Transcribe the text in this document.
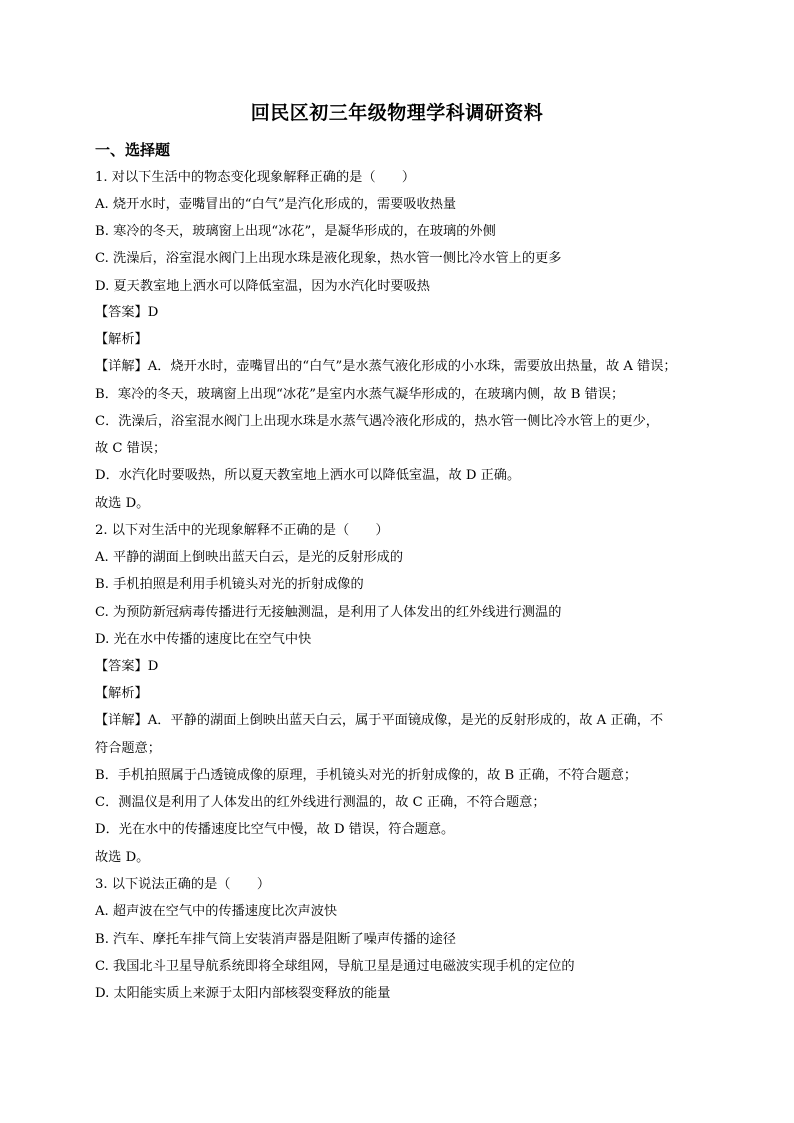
回民区初三年级物理学科调研资料
一、选择题
1. 对以下生活中的物态变化现象解释正确的是（　　）
A. 烧开水时，壶嘴冒出的“白气”是汽化形成的，需要吸收热量
B. 寒冷的冬天，玻璃窗上出现“冰花”，是凝华形成的，在玻璃的外侧
C. 洗澡后，浴室混水阀门上出现水珠是液化现象，热水管一侧比冷水管上的更多
D. 夏天教室地上洒水可以降低室温，因为水汽化时要吸热
【答案】D
【解析】
【详解】A．烧开水时，壶嘴冒出的“白气”是水蒸气液化形成的小水珠，需要放出热量，故 A 错误；
B．寒冷的冬天，玻璃窗上出现“冰花”是室内水蒸气凝华形成的，在玻璃内侧，故 B 错误；
C．洗澡后，浴室混水阀门上出现水珠是水蒸气遇冷液化形成的，热水管一侧比冷水管上的更少，
故 C 错误；
D．水汽化时要吸热，所以夏天教室地上洒水可以降低室温，故 D 正确。
故选 D。
2. 以下对生活中的光现象解释不正确的是（　　）
A. 平静的湖面上倒映出蓝天白云，是光的反射形成的
B. 手机拍照是利用手机镜头对光的折射成像的
C. 为预防新冠病毒传播进行无接触测温，是利用了人体发出的红外线进行测温的
D. 光在水中传播的速度比在空气中快
【答案】D
【解析】
【详解】A．平静的湖面上倒映出蓝天白云，属于平面镜成像，是光的反射形成的，故 A 正确，不
符合题意；
B．手机拍照属于凸透镜成像的原理，手机镜头对光的折射成像的，故 B 正确，不符合题意；
C．测温仪是利用了人体发出的红外线进行测温的，故 C 正确，不符合题意；
D．光在水中的传播速度比空气中慢，故 D 错误，符合题意。
故选 D。
3. 以下说法正确的是（　　）
A. 超声波在空气中的传播速度比次声波快
B. 汽车、摩托车排气筒上安装消声器是阻断了噪声传播的途径
C. 我国北斗卫星导航系统即将全球组网，导航卫星是通过电磁波实现手机的定位的
D. 太阳能实质上来源于太阳内部核裂变释放的能量
